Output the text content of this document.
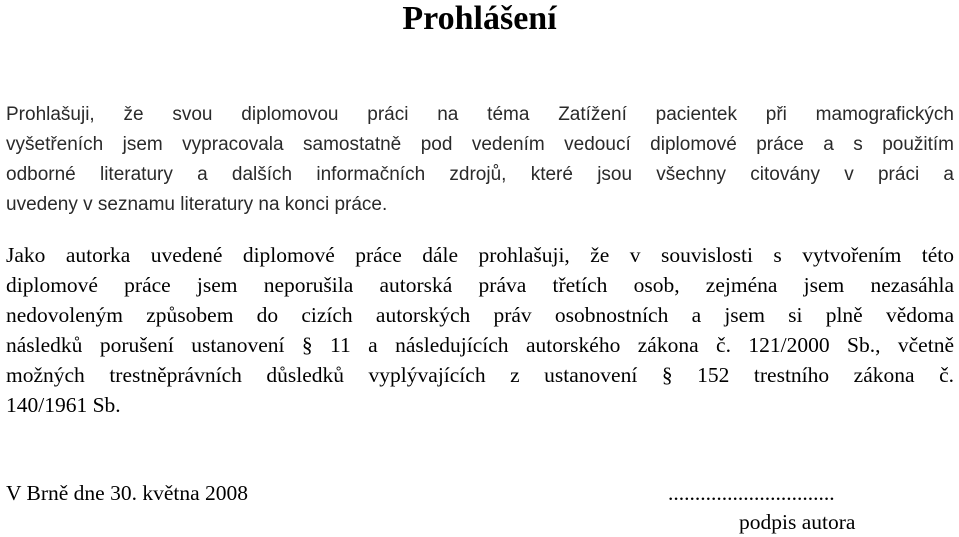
Prohlášení

Prohlašuji, že svou diplomovou práci na téma Zatížení pacientek při mamografických
vyšetřeních jsem vypracovala samostatně pod vedením vedoucí diplomové práce a s použitím
odborné literatury a dalších informačních zdrojů, které jsou všechny citovány v práci a
uvedeny v seznamu literatury na konci práce.

Jako autorka uvedené diplomové práce dále prohlašuji, že v souvislosti s vytvořením této
diplomové práce jsem neporušila autorská práva třetích osob, zejména jsem nezasáhla
nedovoleným způsobem do cizích autorských práv osobnostních a jsem si plně vědoma
následků porušení ustanovení § 11 a následujících autorského zákona č. 121/2000 Sb., včetně
možných trestněprávních důsledků vyplývajících z ustanovení § 152 trestního zákona č.
140/1961 Sb.

V Brně dne 30. května 2008	...............................
podpis autora
